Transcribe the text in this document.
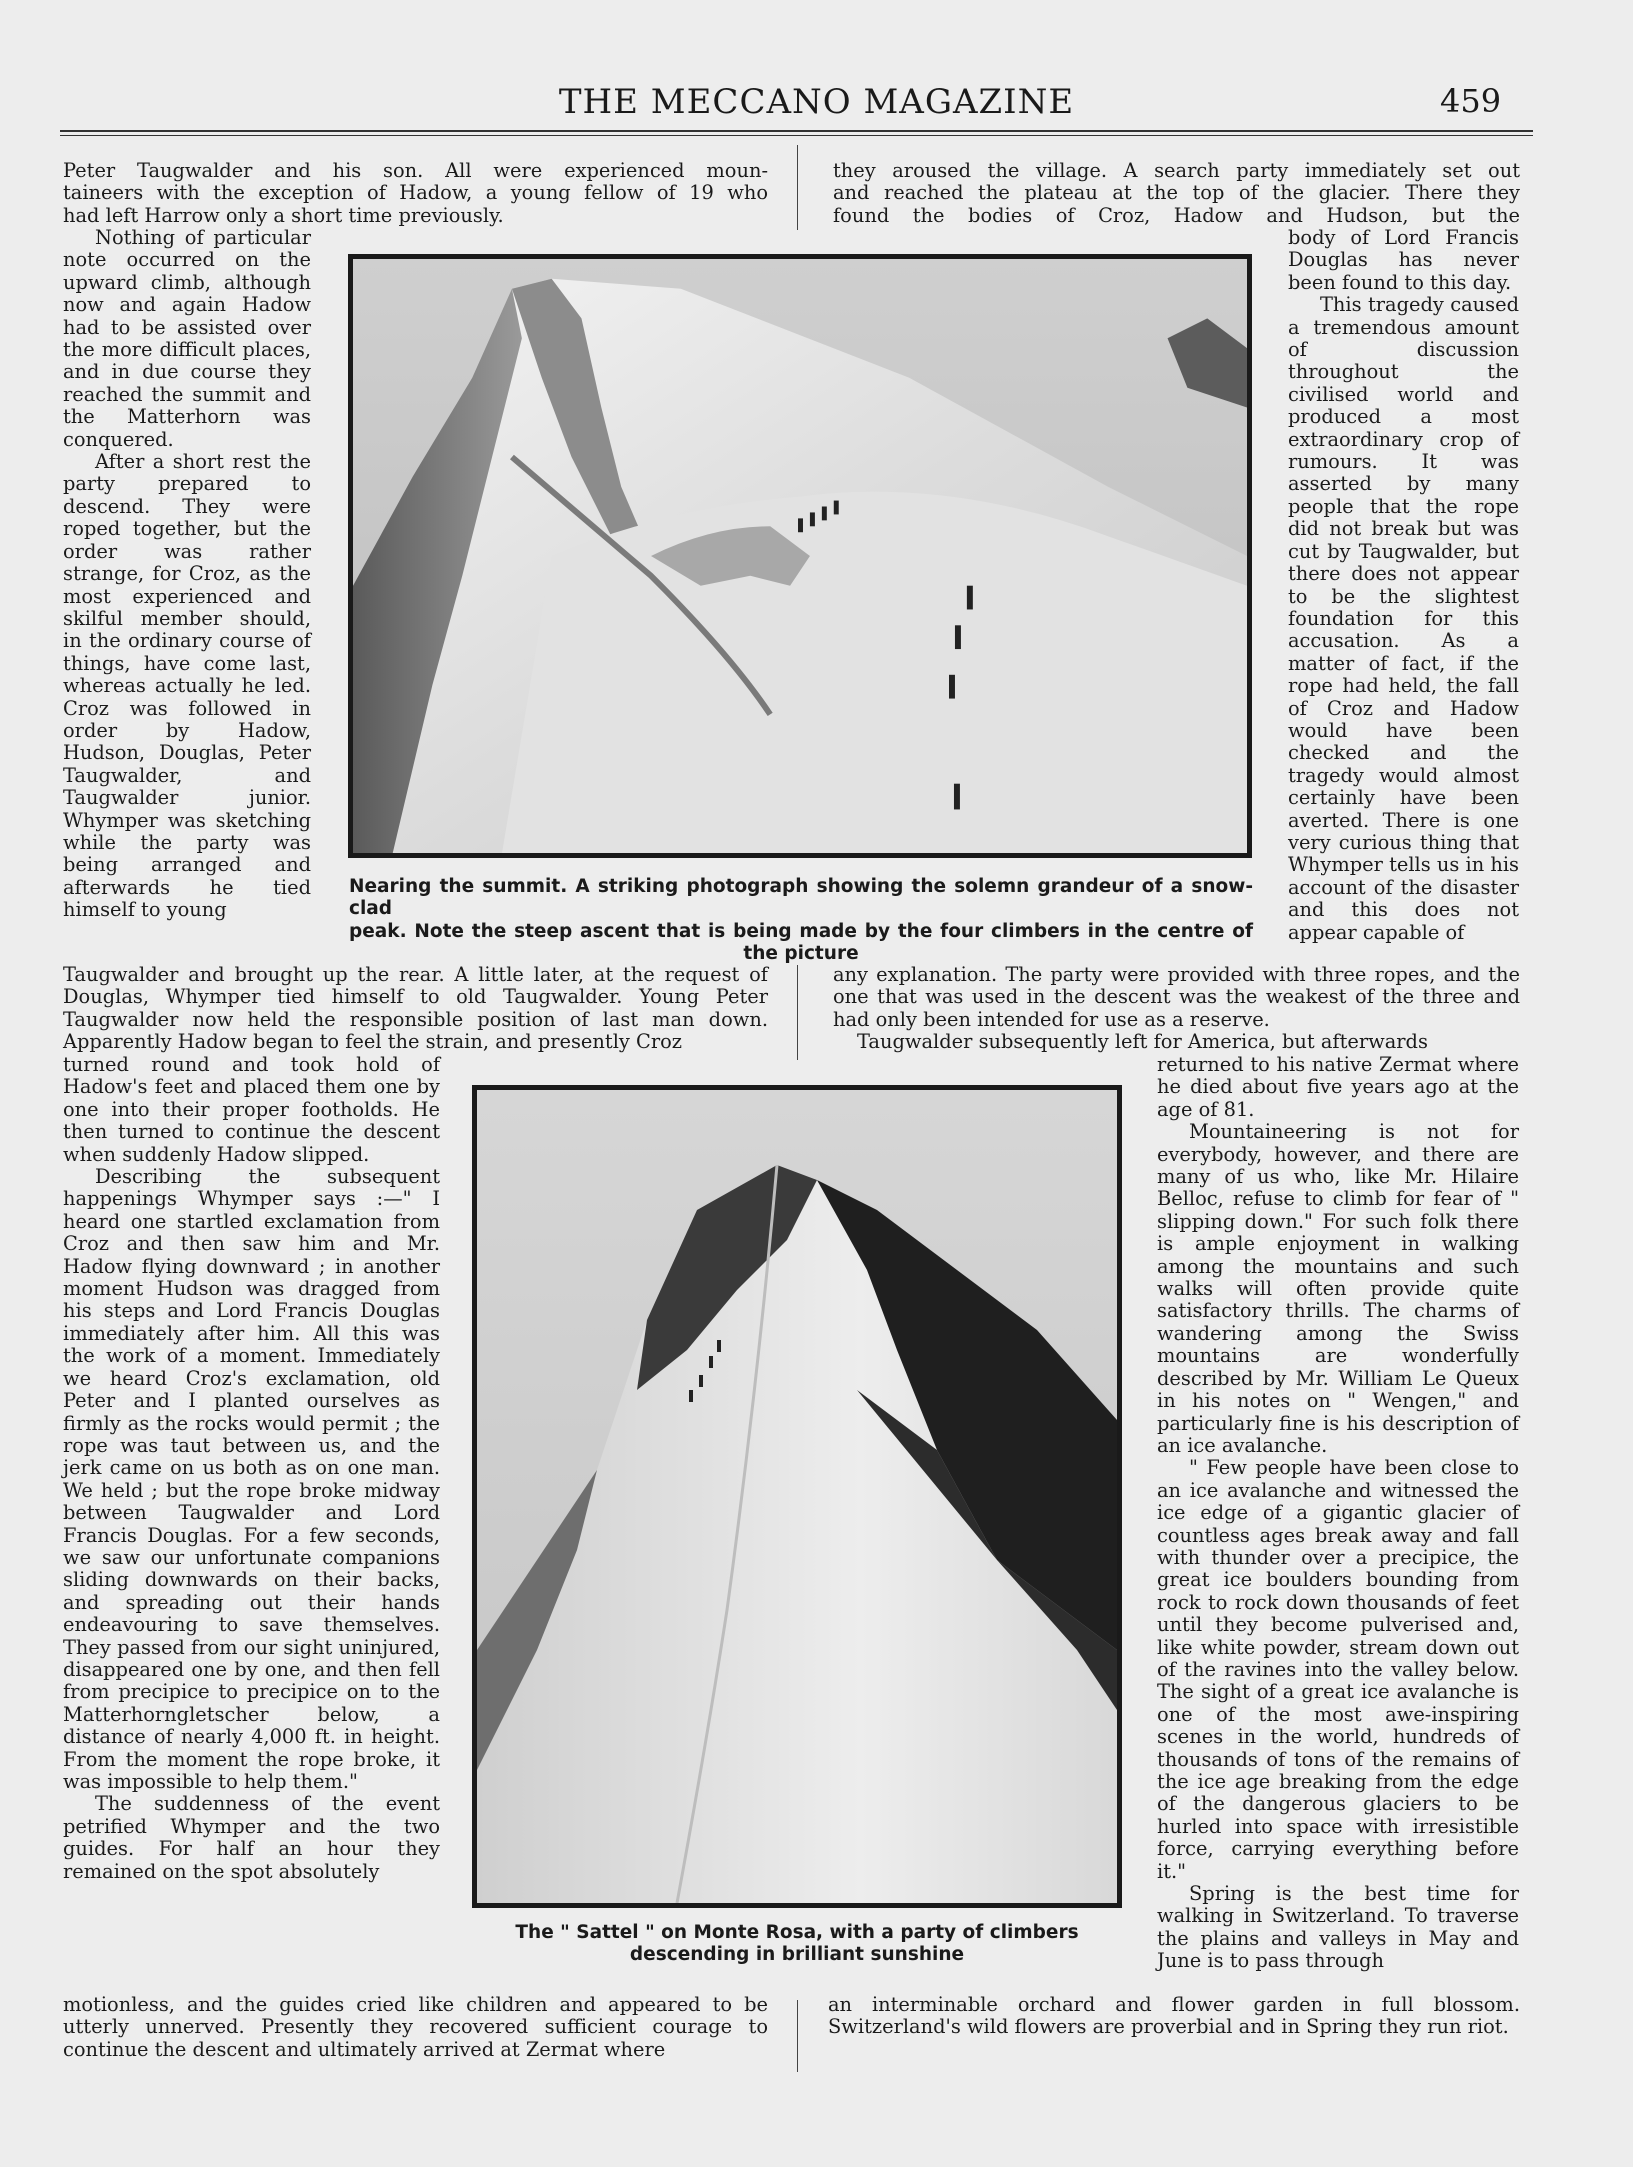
THE MECCANO MAGAZINE	459
Peter Taugwalder and his son. All were experienced moun-
taineers with the exception of Hadow, a young fellow of 19 who
had left Harrow only a short time previously.
they aroused the village. A search party immediately set out
and reached the plateau at the top of the glacier. There they
found the bodies of Croz, Hadow and Hudson, but the

Nothing of particular note occurred on the upward climb, although now and again Hadow had to be assisted over the more difficult places, and in due course they reached the summit and the Matterhorn was conquered.

After a short rest the party prepared to descend. They were roped together, but the order was rather strange, for Croz, as the most experienced and skilful member should, in the ordinary course of things, have come last, whereas actually he led. Croz was followed in order by Hadow, Hudson, Douglas, Peter Taugwalder, and Taugwalder junior. Whymper was sketching while the party was being arranged and afterwards he tied himself to young

body of Lord Francis Douglas has never been found to this day.

This tragedy caused a tremendous amount of discussion throughout the civilised world and produced a most extraordinary crop of rumours. It was asserted by many people that the rope did not break but was cut by Taugwalder, but there does not appear to be the slightest foundation for this accusation. As a matter of fact, if the rope had held, the fall of Croz and Hadow would have been checked and the tragedy would almost certainly have been averted. There is one very curious thing that Whymper tells us in his account of the disaster and this does not appear capable of

Nearing the summit. A striking photograph showing the solemn grandeur of a snow-clad
peak. Note the steep ascent that is being made by the four climbers in the centre of
the picture

Taugwalder and brought up the rear. A little later, at the request of Douglas, Whymper tied himself to old Taugwalder. Young Peter Taugwalder now held the responsible position of last man down. Apparently Hadow began to feel the strain, and presently Croz

any explanation. The party were provided with three ropes, and the one that was used in the descent was the weakest of the three and had only been intended for use as a reserve.

Taugwalder subsequently left for America, but afterwards

turned round and took hold of Hadow's feet and placed them one by one into their proper footholds. He then turned to continue the descent when suddenly Hadow slipped.

Describing the subsequent happenings Whymper says :—" I heard one startled exclamation from Croz and then saw him and Mr. Hadow flying downward ; in another moment Hudson was dragged from his steps and Lord Francis Douglas immediately after him. All this was the work of a moment. Immediately we heard Croz's exclamation, old Peter and I planted ourselves as firmly as the rocks would permit ; the rope was taut between us, and the jerk came on us both as on one man. We held ; but the rope broke midway between Taugwalder and Lord Francis Douglas. For a few seconds, we saw our unfortunate companions sliding downwards on their backs, and spreading out their hands endeavouring to save themselves. They passed from our sight uninjured, disappeared one by one, and then fell from precipice to precipice on to the Matterhorngletscher below, a distance of nearly 4,000 ft. in height. From the moment the rope broke, it was impossible to help them."

The suddenness of the event petrified Whymper and the two guides. For half an hour they remained on the spot absolutely

returned to his native Zermat where he died about five years ago at the age of 81.

Mountaineering is not for everybody, however, and there are many of us who, like Mr. Hilaire Belloc, refuse to climb for fear of " slipping down." For such folk there is ample enjoyment in walking among the mountains and such walks will often provide quite satisfactory thrills. The charms of wandering among the Swiss mountains are wonderfully described by Mr. William Le Queux in his notes on " Wengen," and particularly fine is his description of an ice avalanche.

" Few people have been close to an ice avalanche and witnessed the ice edge of a gigantic glacier of countless ages break away and fall with thunder over a precipice, the great ice boulders bounding from rock to rock down thousands of feet until they become pulverised and, like white powder, stream down out of the ravines into the valley below. The sight of a great ice avalanche is one of the most awe-inspiring scenes in the world, hundreds of thousands of tons of the remains of the ice age breaking from the edge of the dangerous glaciers to be hurled into space with irresistible force, carrying everything before it."

Spring is the best time for walking in Switzerland. To traverse the plains and valleys in May and June is to pass through

The " Sattel " on Monte Rosa, with a party of climbers
descending in brilliant sunshine

motionless, and the guides cried like children and appeared to be utterly unnerved. Presently they recovered sufficient courage to continue the descent and ultimately arrived at Zermat where

an interminable orchard and flower garden in full blossom. Switzerland's wild flowers are proverbial and in Spring they run riot.
